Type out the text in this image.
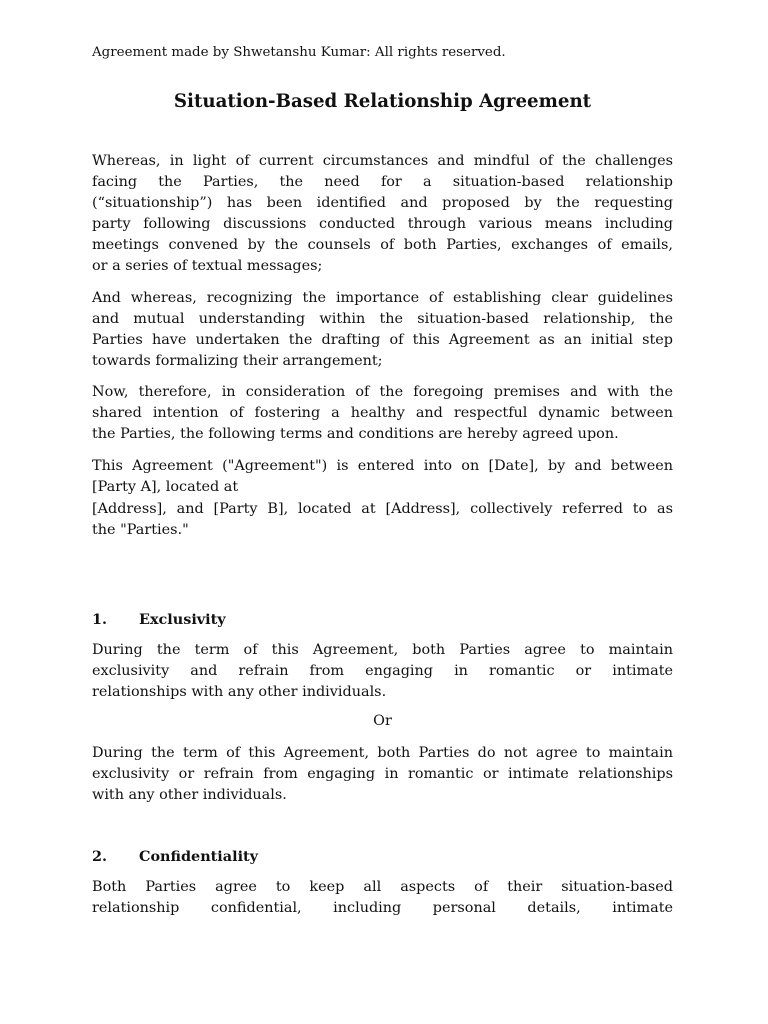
Agreement made by Shwetanshu Kumar: All rights reserved.
Situation-Based Relationship Agreement
Whereas, in light of current circumstances and mindful of the challenges
facing the Parties, the need for a situation-based relationship
(“situationship”) has been identified and proposed by the requesting
party following discussions conducted through various means including
meetings convened by the counsels of both Parties, exchanges of emails,
or a series of textual messages;
And whereas, recognizing the importance of establishing clear guidelines
and mutual understanding within the situation-based relationship, the
Parties have undertaken the drafting of this Agreement as an initial step
towards formalizing their arrangement;
Now, therefore, in consideration of the foregoing premises and with the
shared intention of fostering a healthy and respectful dynamic between
the Parties, the following terms and conditions are hereby agreed upon.
This Agreement ("Agreement") is entered into on [Date], by and between
[Party A], located at
[Address], and [Party B], located at [Address], collectively referred to as
the "Parties."
1. Exclusivity
During the term of this Agreement, both Parties agree to maintain
exclusivity and refrain from engaging in romantic or intimate
relationships with any other individuals.
Or
During the term of this Agreement, both Parties do not agree to maintain
exclusivity or refrain from engaging in romantic or intimate relationships
with any other individuals.
2. Confidentiality
Both Parties agree to keep all aspects of their situation-based
relationship confidential, including personal details, intimate
